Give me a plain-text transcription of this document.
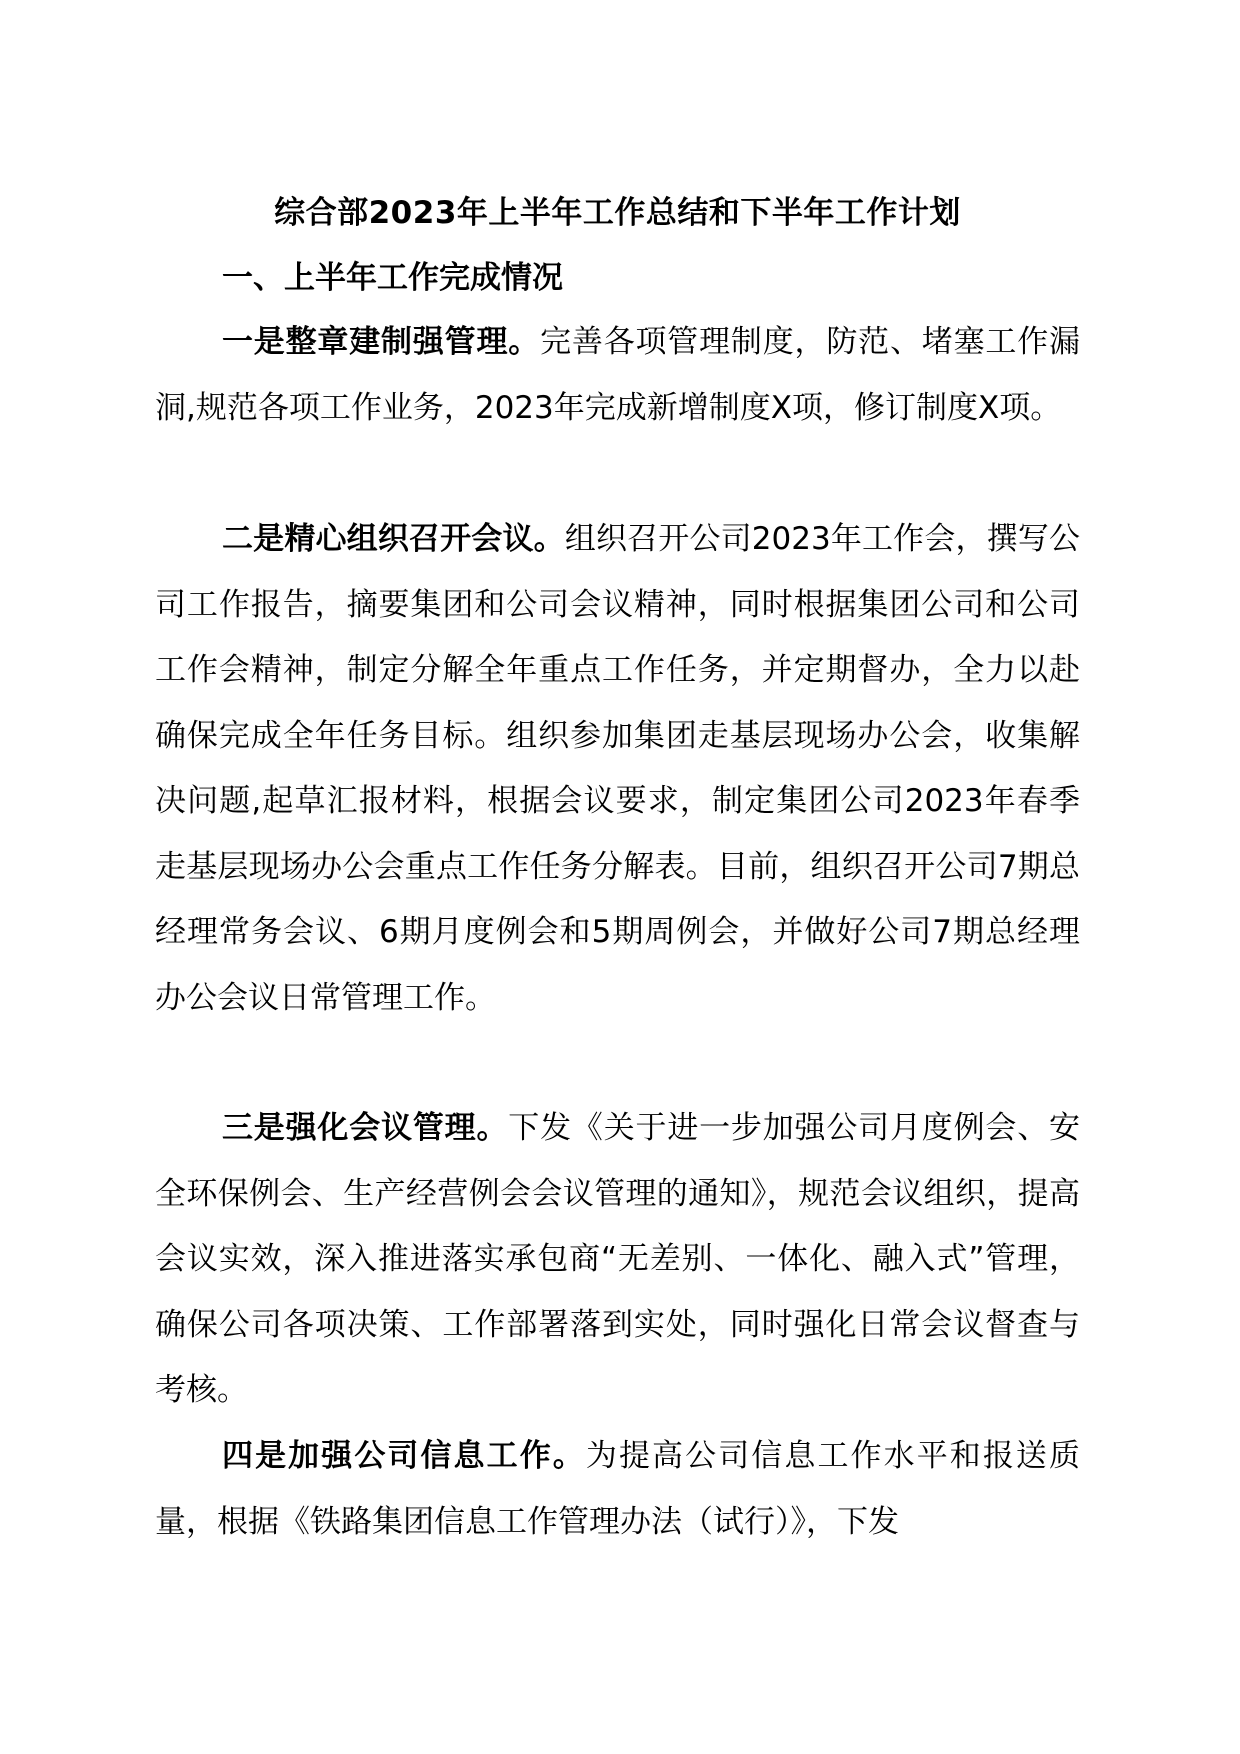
综合部2023年上半年工作总结和下半年工作计划
一、上半年工作完成情况

一是整章建制强管理。完善各项管理制度，防范、堵塞工作漏洞,规范各项工作业务，2023年完成新增制度X项，修订制度X项。

二是精心组织召开会议。组织召开公司2023年工作会，撰写公司工作报告，摘要集团和公司会议精神，同时根据集团公司和公司工作会精神，制定分解全年重点工作任务，并定期督办，全力以赴确保完成全年任务目标。组织参加集团走基层现场办公会，收集解决问题,起草汇报材料，根据会议要求，制定集团公司2023年春季走基层现场办公会重点工作任务分解表。目前，组织召开公司7期总经理常务会议、6期月度例会和5期周例会，并做好公司7期总经理办公会议日常管理工作。

三是强化会议管理。下发《关于进一步加强公司月度例会、安全环保例会、生产经营例会会议管理的通知》，规范会议组织，提高会议实效，深入推进落实承包商“无差别、一体化、融入式”管理，确保公司各项决策、工作部署落到实处，同时强化日常会议督查与考核。

四是加强公司信息工作。为提高公司信息工作水平和报送质量，根据《铁路集团信息工作管理办法（试行）》，下发
